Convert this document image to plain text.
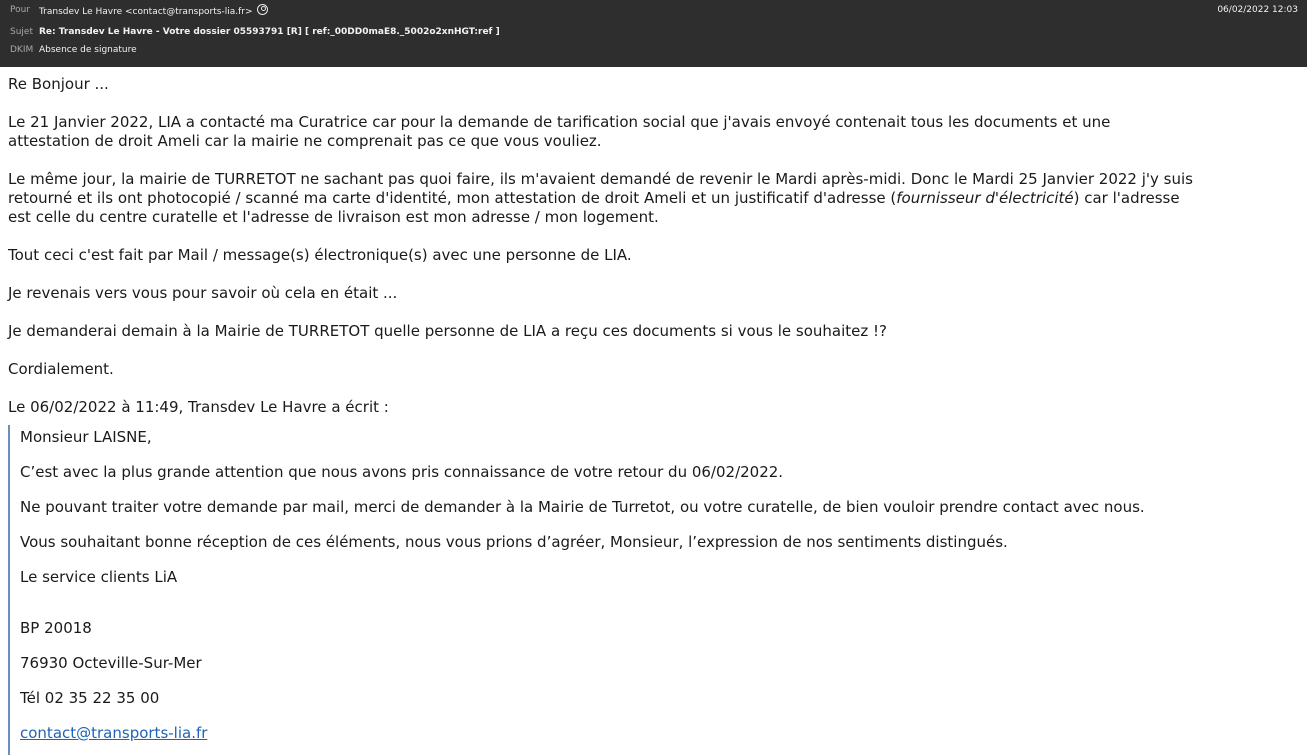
Pour Transdev Le Havre <contact@transports-lia.fr>	06/02/2022 12:03
Sujet Re: Transdev Le Havre - Votre dossier 05593791 [R] [ ref:_00DD0maE8._5002o2xnHGT:ref ]
DKIM Absence de signature

Re Bonjour ...

Le 21 Janvier 2022, LIA a contacté ma Curatrice car pour la demande de tarification social que j'avais envoyé contenait tous les documents et une

attestation de droit Ameli car la mairie ne comprenait pas ce que vous vouliez.

Le même jour, la mairie de TURRETOT ne sachant pas quoi faire, ils m'avaient demandé de revenir le Mardi après-midi. Donc le Mardi 25 Janvier 2022 j'y suis

retourné et ils ont photocopié / scanné ma carte d'identité, mon attestation de droit Ameli et un justificatif d'adresse (fournisseur d'électricité) car l'adresse

est celle du centre curatelle et l'adresse de livraison est mon adresse / mon logement.

Tout ceci c'est fait par Mail / message(s) électronique(s) avec une personne de LIA.

Je revenais vers vous pour savoir où cela en était ...

Je demanderai demain à la Mairie de TURRETOT quelle personne de LIA a reçu ces documents si vous le souhaitez !?

Cordialement.

Le 06/02/2022 à 11:49, Transdev Le Havre a écrit :

Monsieur LAISNE,
C’est avec la plus grande attention que nous avons pris connaissance de votre retour du 06/02/2022.
Ne pouvant traiter votre demande par mail, merci de demander à la Mairie de Turretot, ou votre curatelle, de bien vouloir prendre contact avec nous.
Vous souhaitant bonne réception de ces éléments, nous vous prions d’agréer, Monsieur, l’expression de nos sentiments distingués.
Le service clients LiA
BP 20018
76930 Octeville-Sur-Mer
Tél 02 35 22 35 00
contact@transports-lia.fr
